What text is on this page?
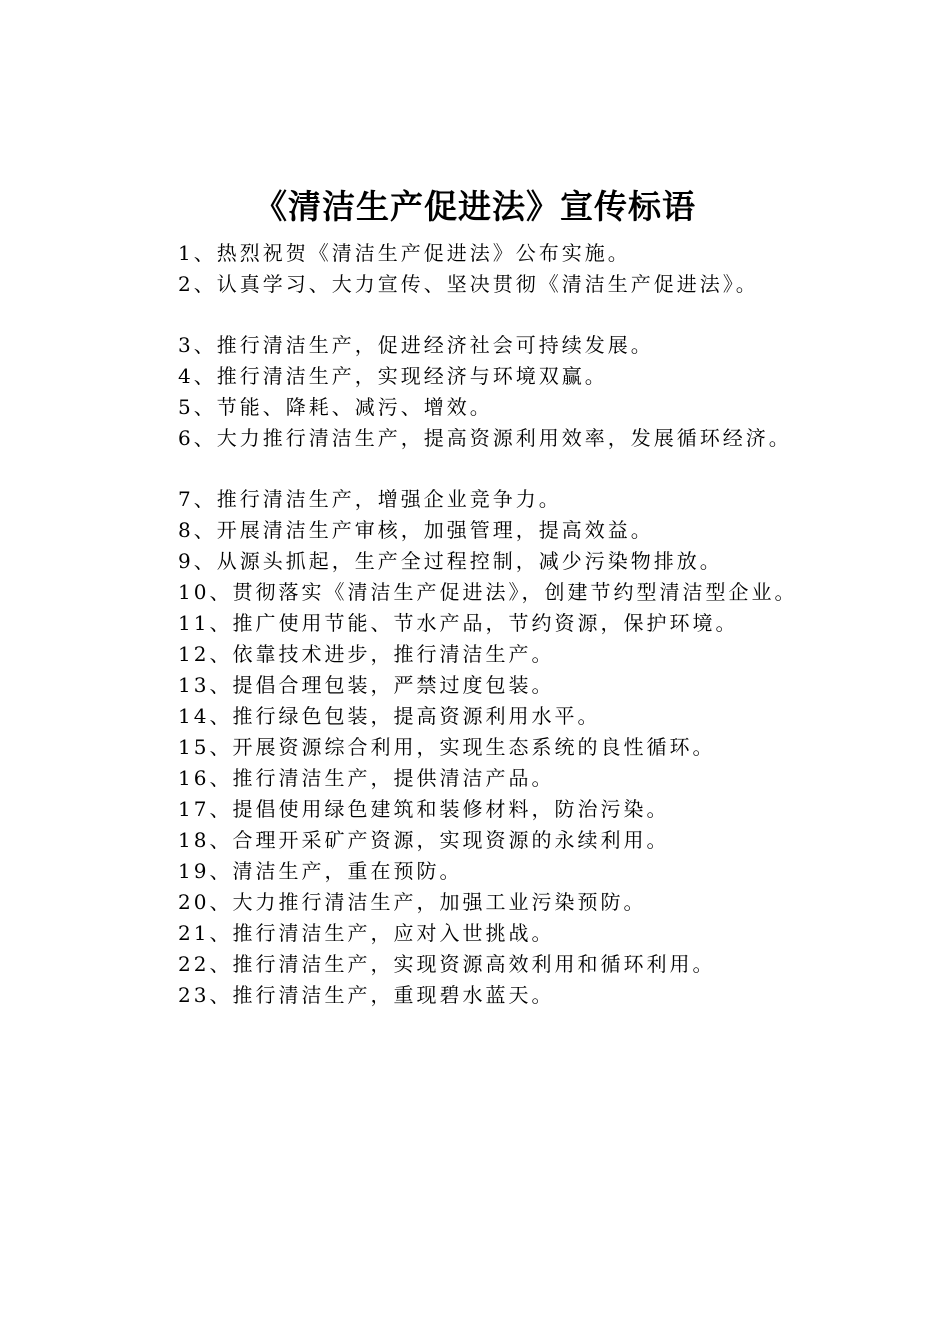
《清洁生产促进法》宣传标语
1、热烈祝贺《清洁生产促进法》公布实施。
2、认真学习、大力宣传、坚决贯彻《清洁生产促进法》。
3、推行清洁生产，促进经济社会可持续发展。
4、推行清洁生产，实现经济与环境双赢。
5、节能、降耗、减污、增效。
6、大力推行清洁生产，提高资源利用效率，发展循环经济。
7、推行清洁生产，增强企业竞争力。
8、开展清洁生产审核，加强管理，提高效益。
9、从源头抓起，生产全过程控制，减少污染物排放。
10、贯彻落实《清洁生产促进法》，创建节约型清洁型企业。
11、推广使用节能、节水产品，节约资源，保护环境。
12、依靠技术进步，推行清洁生产。
13、提倡合理包装，严禁过度包装。
14、推行绿色包装，提高资源利用水平。
15、开展资源综合利用，实现生态系统的良性循环。
16、推行清洁生产，提供清洁产品。
17、提倡使用绿色建筑和装修材料，防治污染。
18、合理开采矿产资源，实现资源的永续利用。
19、清洁生产，重在预防。
20、大力推行清洁生产，加强工业污染预防。
21、推行清洁生产，应对入世挑战。
22、推行清洁生产，实现资源高效利用和循环利用。
23、推行清洁生产，重现碧水蓝天。
